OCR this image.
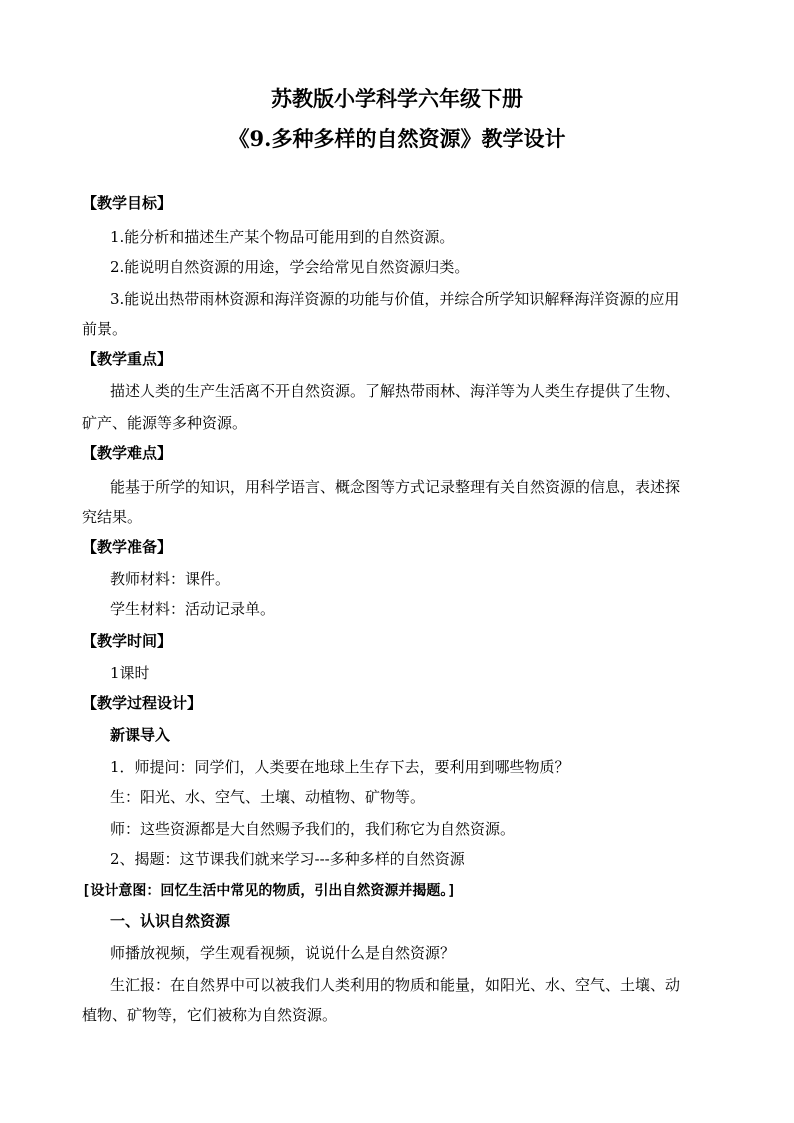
苏教版小学科学六年级下册
《9.多种多样的自然资源》教学设计
【教学目标】
1.能分析和描述生产某个物品可能用到的自然资源。
2.能说明自然资源的用途，学会给常见自然资源归类。
3.能说出热带雨林资源和海洋资源的功能与价值，并综合所学知识解释海洋资源的应用
前景。
【教学重点】
描述人类的生产生活离不开自然资源。了解热带雨林、海洋等为人类生存提供了生物、
矿产、能源等多种资源。
【教学难点】
能基于所学的知识，用科学语言、概念图等方式记录整理有关自然资源的信息，表述探
究结果。
【教学准备】
教师材料：课件。
学生材料：活动记录单。
【教学时间】
1课时
【教学过程设计】
新课导入
1．师提问：同学们，人类要在地球上生存下去，要利用到哪些物质？
生：阳光、水、空气、土壤、动植物、矿物等。
师：这些资源都是大自然赐予我们的，我们称它为自然资源。
2、揭题：这节课我们就来学习---多种多样的自然资源
[设计意图：回忆生活中常见的物质，引出自然资源并揭题。]
一、认识自然资源
师播放视频，学生观看视频，说说什么是自然资源？
生汇报：在自然界中可以被我们人类利用的物质和能量，如阳光、水、空气、土壤、动
植物、矿物等，它们被称为自然资源。
